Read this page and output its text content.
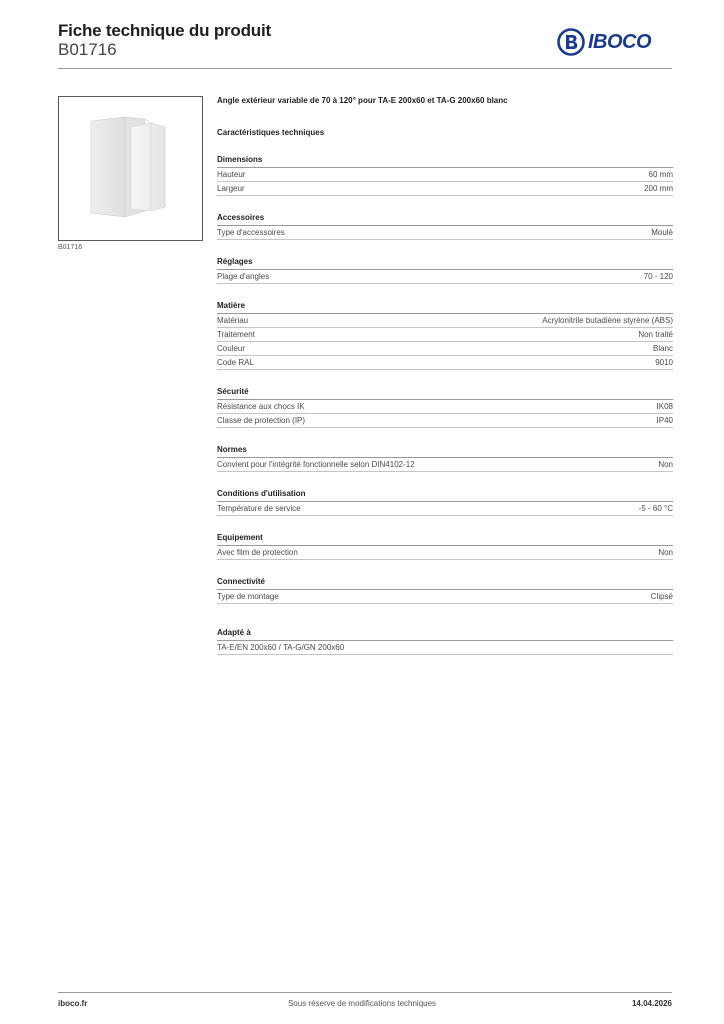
Fiche technique du produit
B01716	IBOCO
B01716
Angle extérieur variable de 70 à 120° pour TA-E 200x60 et TA-G 200x60 blanc
Caractéristiques techniques
Dimensions
Hauteur	60 mm
Largeur	200 mm
Accessoires
Type d'accessoires	Moulé
Réglages
Plage d'angles	70 - 120
Matière
Matériau	Acrylonitrile butadiène styrène (ABS)
Traitement	Non traité
Couleur	Blanc
Code RAL	9010
Sécurité
Résistance aux chocs IK	IK08
Classe de protection (IP)	IP40
Normes
Convient pour l'intégrité fonctionnelle selon DIN4102-12	Non
Conditions d'utilisation
Température de service	-5 - 60 °C
Equipement
Avec film de protection	Non
Connectivité
Type de montage	Clipsé
Adapté à
TA-E/EN 200x60 / TA-G/GN 200x60
iboco.fr	Sous réserve de modifications techniques	14.04.2026
